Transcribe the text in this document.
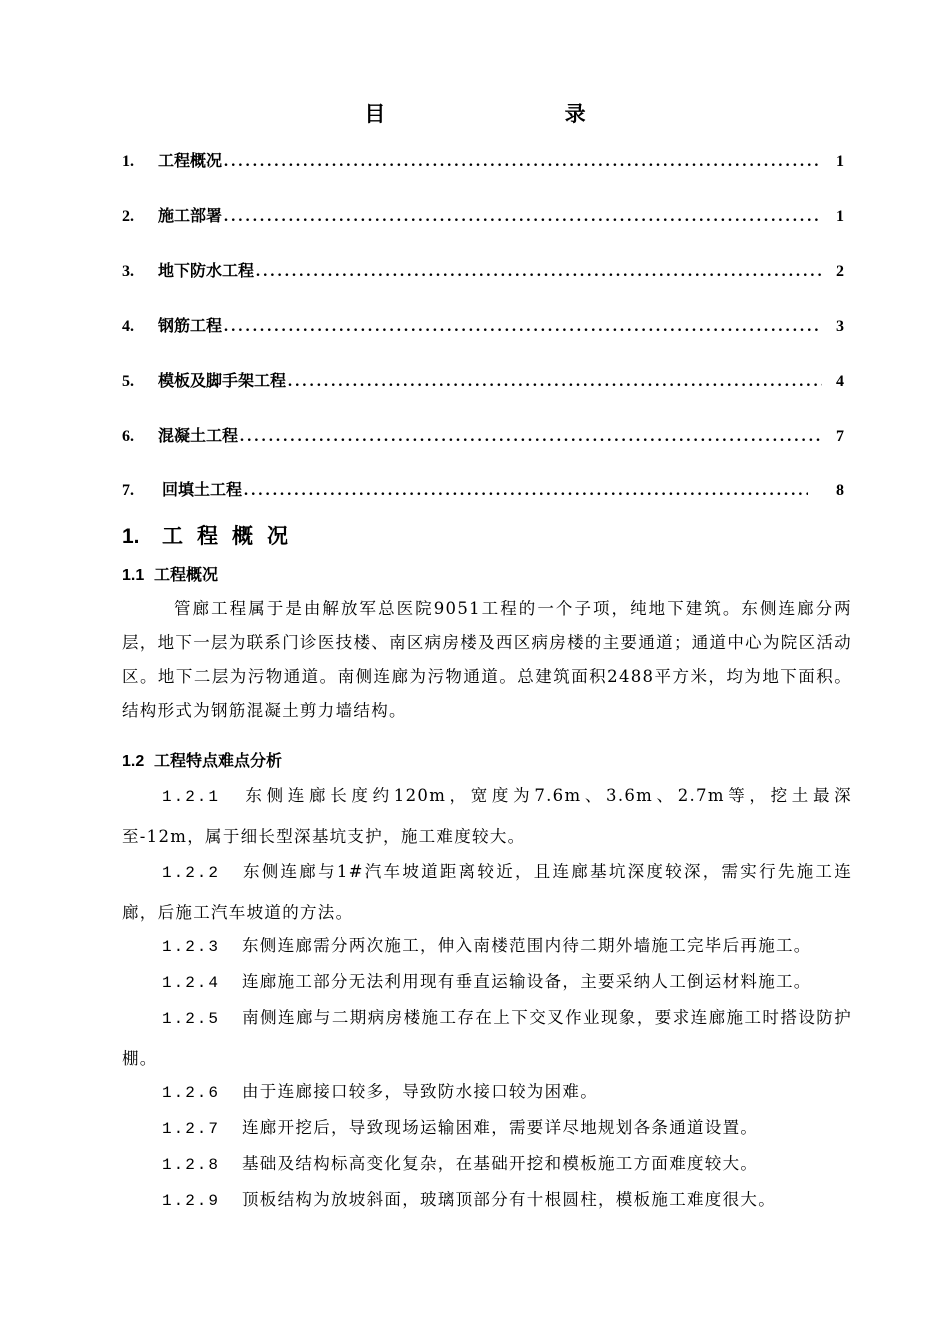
目 录
1.	工程概况 .....	1
2.	施工部署 .....	1
3.	地下防水工程 .....	2
4.	钢筋工程 .....	3
5.	模板及脚手架工程 .....	4
6.	混凝土工程 .....	7
7.	回填土工程 .....	8
1. 工程概况
1.1 工程概况
管廊工程属于是由解放军总医院9051工程的一个子项，纯地下建筑。东侧连廊分两层，地下一层为联系门诊医技楼、南区病房楼及西区病房楼的主要通道；通道中心为院区活动区。地下二层为污物通道。南侧连廊为污物通道。总建筑面积2488平方米，均为地下面积。结构形式为钢筋混凝土剪力墙结构。
1.2 工程特点难点分析
1.2.1 东侧连廊长度约120m，宽度为7.6m、3.6m、2.7m等，挖土最深至-12m，属于细长型深基坑支护，施工难度较大。
1.2.2 东侧连廊与1#汽车坡道距离较近，且连廊基坑深度较深，需实行先施工连廊，后施工汽车坡道的方法。
1.2.3 东侧连廊需分两次施工，伸入南楼范围内待二期外墙施工完毕后再施工。
1.2.4 连廊施工部分无法利用现有垂直运输设备，主要采纳人工倒运材料施工。
1.2.5 南侧连廊与二期病房楼施工存在上下交叉作业现象，要求连廊施工时搭设防护棚。
1.2.6 由于连廊接口较多，导致防水接口较为困难。
1.2.7 连廊开挖后，导致现场运输困难，需要详尽地规划各条通道设置。
1.2.8 基础及结构标高变化复杂，在基础开挖和模板施工方面难度较大。
1.2.9 顶板结构为放坡斜面，玻璃顶部分有十根圆柱，模板施工难度很大。
